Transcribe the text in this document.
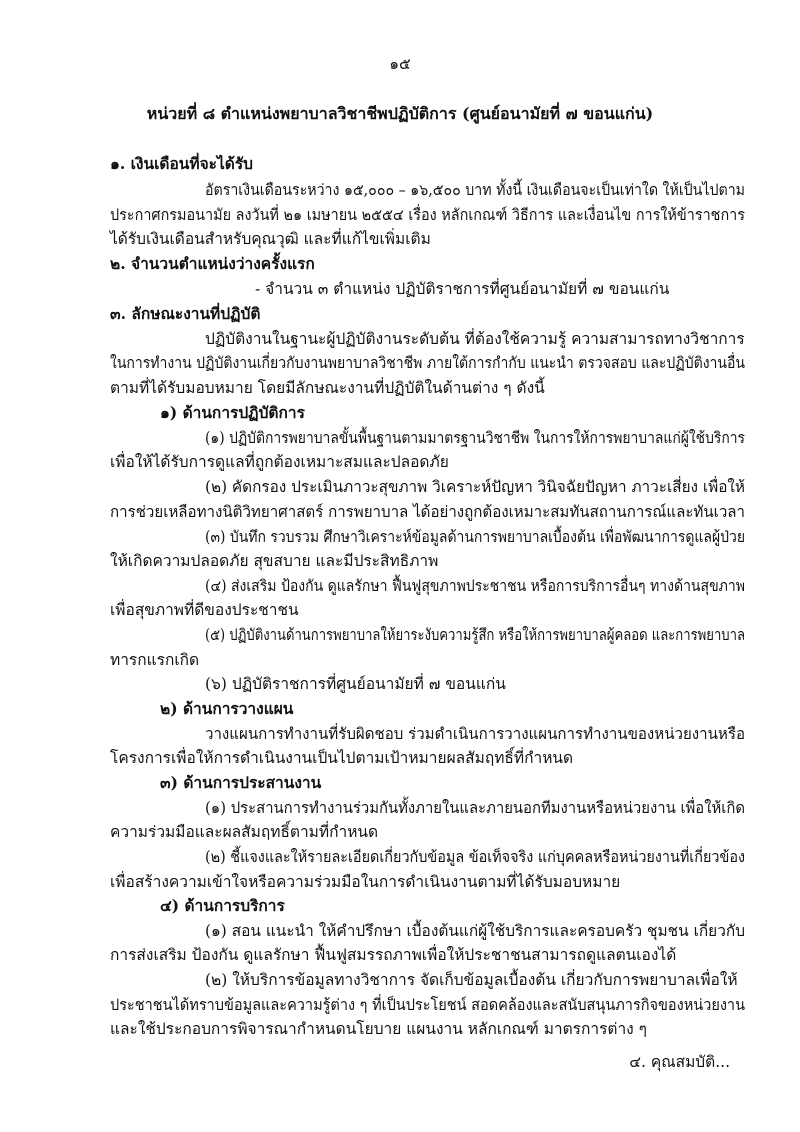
๑๕
หน่วยที่ ๘ ตำแหน่งพยาบาลวิชาชีพปฏิบัติการ (ศูนย์อนามัยที่ ๗ ขอนแก่น)
๑. เงินเดือนที่จะได้รับ
อัตราเงินเดือนระหว่าง ๑๕,๐๐๐ – ๑๖,๕๐๐ บาท ทั้งนี้ เงินเดือนจะเป็นเท่าใด ให้เป็นไปตาม
ประกาศกรมอนามัย ลงวันที่ ๒๑ เมษายน ๒๕๕๔ เรื่อง หลักเกณฑ์ วิธีการ และเงื่อนไข การให้ข้าราชการ
ได้รับเงินเดือนสำหรับคุณวุฒิ และที่แก้ไขเพิ่มเติม
๒. จำนวนตำแหน่งว่างครั้งแรก
- จำนวน ๓ ตำแหน่ง ปฏิบัติราชการที่ศูนย์อนามัยที่ ๗ ขอนแก่น
๓. ลักษณะงานที่ปฏิบัติ
ปฏิบัติงานในฐานะผู้ปฏิบัติงานระดับต้น ที่ต้องใช้ความรู้ ความสามารถทางวิชาการ
ในการทำงาน ปฏิบัติงานเกี่ยวกับงานพยาบาลวิชาชีพ ภายใต้การกำกับ แนะนำ ตรวจสอบ และปฏิบัติงานอื่น
ตามที่ได้รับมอบหมาย โดยมีลักษณะงานที่ปฏิบัติในด้านต่าง ๆ ดังนี้
๑) ด้านการปฏิบัติการ
(๑) ปฏิบัติการพยาบาลขั้นพื้นฐานตามมาตรฐานวิชาชีพ ในการให้การพยาบาลแก่ผู้ใช้บริการ
เพื่อให้ได้รับการดูแลที่ถูกต้องเหมาะสมและปลอดภัย
(๒) คัดกรอง ประเมินภาวะสุขภาพ วิเคราะห์ปัญหา วินิจฉัยปัญหา ภาวะเสี่ยง เพื่อให้
การช่วยเหลือทางนิติวิทยาศาสตร์ การพยาบาล ได้อย่างถูกต้องเหมาะสมทันสถานการณ์และทันเวลา
(๓) บันทึก รวบรวม ศึกษาวิเคราะห์ข้อมูลด้านการพยาบาลเบื้องต้น เพื่อพัฒนาการดูแลผู้ป่วย
ให้เกิดความปลอดภัย สุขสบาย และมีประสิทธิภาพ
(๔) ส่งเสริม ป้องกัน ดูแลรักษา ฟื้นฟูสุขภาพประชาชน หรือการบริการอื่นๆ ทางด้านสุขภาพ
เพื่อสุขภาพที่ดีของประชาชน
(๕) ปฏิบัติงานด้านการพยาบาลให้ยาระงับความรู้สึก หรือให้การพยาบาลผู้คลอด และการพยาบาล
ทารกแรกเกิด
(๖) ปฏิบัติราชการที่ศูนย์อนามัยที่ ๗ ขอนแก่น
๒) ด้านการวางแผน
วางแผนการทำงานที่รับผิดชอบ ร่วมดำเนินการวางแผนการทำงานของหน่วยงานหรือ
โครงการเพื่อให้การดำเนินงานเป็นไปตามเป้าหมายผลสัมฤทธิ์ที่กำหนด
๓) ด้านการประสานงาน
(๑) ประสานการทำงานร่วมกันทั้งภายในและภายนอกทีมงานหรือหน่วยงาน เพื่อให้เกิด
ความร่วมมือและผลสัมฤทธิ์ตามที่กำหนด
(๒) ชี้แจงและให้รายละเอียดเกี่ยวกับข้อมูล ข้อเท็จจริง แก่บุคคลหรือหน่วยงานที่เกี่ยวข้อง
เพื่อสร้างความเข้าใจหรือความร่วมมือในการดำเนินงานตามที่ได้รับมอบหมาย
๔) ด้านการบริการ
(๑) สอน แนะนำ ให้คำปรึกษา เบื้องต้นแก่ผู้ใช้บริการและครอบครัว ชุมชน เกี่ยวกับ
การส่งเสริม ป้องกัน ดูแลรักษา ฟื้นฟูสมรรถภาพเพื่อให้ประชาชนสามารถดูแลตนเองได้
(๒) ให้บริการข้อมูลทางวิชาการ จัดเก็บข้อมูลเบื้องต้น เกี่ยวกับการพยาบาลเพื่อให้
ประชาชนได้ทราบข้อมูลและความรู้ต่าง ๆ ที่เป็นประโยชน์ สอดคล้องและสนับสนุนภารกิจของหน่วยงาน
และใช้ประกอบการพิจารณากำหนดนโยบาย แผนงาน หลักเกณฑ์ มาตรการต่าง ๆ
๔. คุณสมบัติ...
